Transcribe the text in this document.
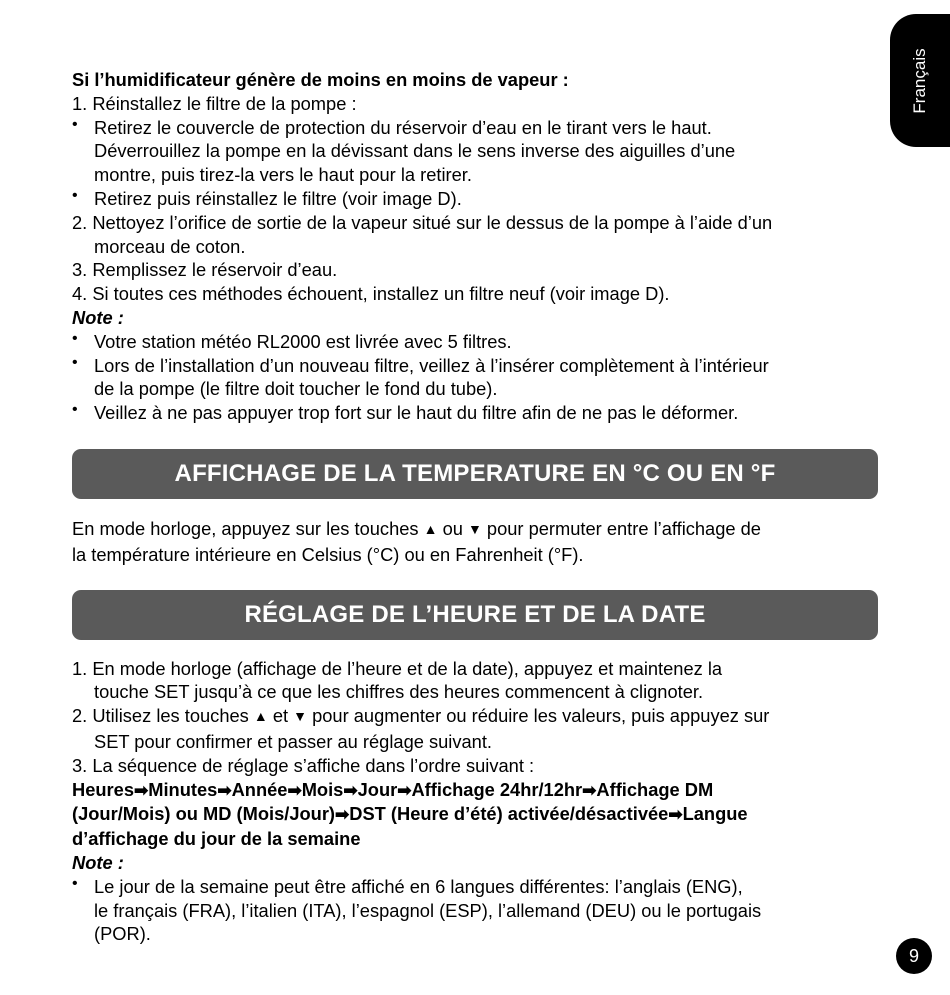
Français
Si l’humidificateur génère de moins en moins de vapeur :
1. Réinstallez le filtre de la pompe :
• Retirez le couvercle de protection du réservoir d’eau en le tirant vers le haut.
Déverrouillez la pompe en la dévissant dans le sens inverse des aiguilles d’une
montre, puis tirez-la vers le haut pour la retirer.
• Retirez puis réinstallez le filtre (voir image D).
2. Nettoyez l’orifice de sortie de la vapeur situé sur le dessus de la pompe à l’aide d’un
morceau de coton.
3. Remplissez le réservoir d’eau.
4. Si toutes ces méthodes échouent, installez un filtre neuf (voir image D).
Note :
• Votre station météo RL2000 est livrée avec 5 filtres.
• Lors de l’installation d’un nouveau filtre, veillez à l’insérer complètement à l’intérieur
de la pompe (le filtre doit toucher le fond du tube).
• Veillez à ne pas appuyer trop fort sur le haut du filtre afin de ne pas le déformer.
AFFICHAGE DE LA TEMPERATURE EN °C OU EN °F
En mode horloge, appuyez sur les touches ▲ ou ▼ pour permuter entre l’affichage de
la température intérieure en Celsius (°C) ou en Fahrenheit (°F).
RÉGLAGE DE L’HEURE ET DE LA DATE
1. En mode horloge (affichage de l’heure et de la date), appuyez et maintenez la
touche SET jusqu’à ce que les chiffres des heures commencent à clignoter.
2. Utilisez les touches ▲ et ▼ pour augmenter ou réduire les valeurs, puis appuyez sur
SET pour confirmer et passer au réglage suivant.
3. La séquence de réglage s’affiche dans l’ordre suivant :
Heures➡Minutes➡Année➡Mois➡Jour➡Affichage 24hr/12hr➡Affichage DM
(Jour/Mois) ou MD (Mois/Jour)➡DST (Heure d’été) activée/désactivée➡Langue
d’affichage du jour de la semaine
Note :
• Le jour de la semaine peut être affiché en 6 langues différentes: l’anglais (ENG),
le français (FRA), l’italien (ITA), l’espagnol (ESP), l’allemand (DEU) ou le portugais
(POR).
9
